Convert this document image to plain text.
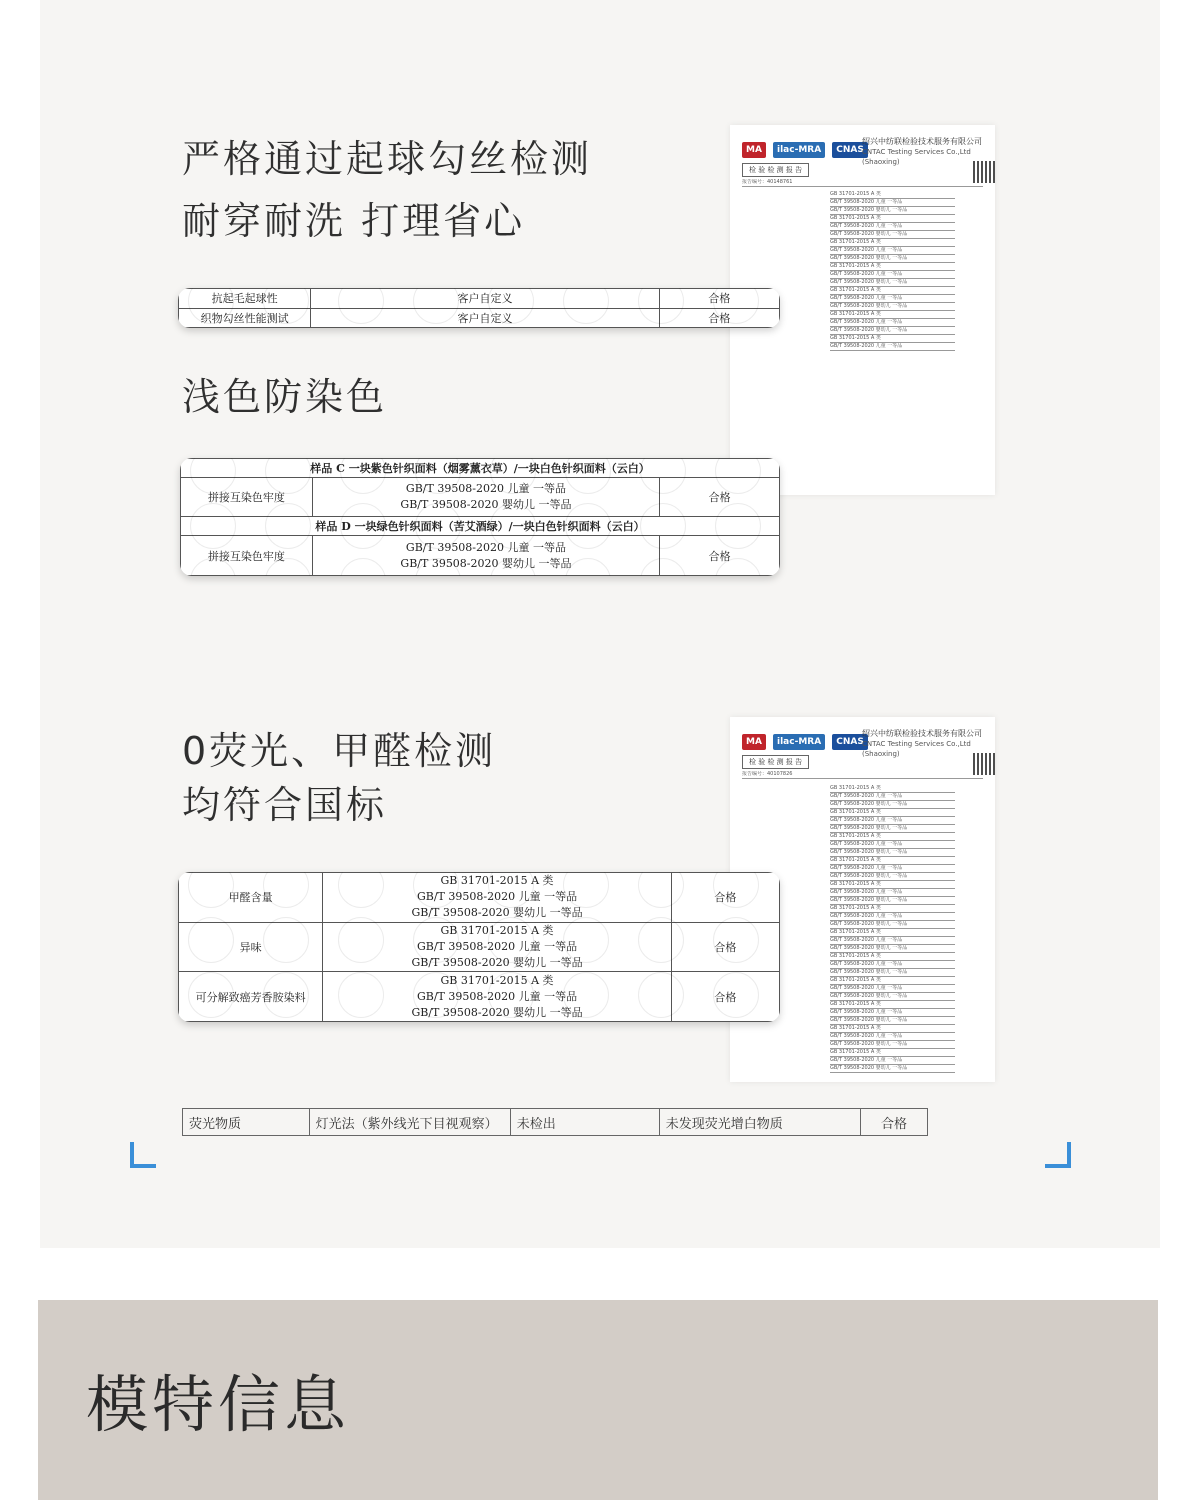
严格通过起球勾丝检测
耐穿耐洗 打理省心
MA ilac-MRA CNAS
绍兴中纺联检验技术服务有限公司
CNTAC Testing Services Co.,Ltd (Shaoxing)
检 验 检 测 报 告
报告编号：40148761
GB 31701-2015 A 类
GB/T 39508-2020 儿童 一等品
GB/T 39508-2020 婴幼儿 一等品
GB 31701-2015 A 类
GB/T 39508-2020 儿童 一等品
GB/T 39508-2020 婴幼儿 一等品
GB 31701-2015 A 类
GB/T 39508-2020 儿童 一等品
GB/T 39508-2020 婴幼儿 一等品
GB 31701-2015 A 类
GB/T 39508-2020 儿童 一等品
GB/T 39508-2020 婴幼儿 一等品
GB 31701-2015 A 类
GB/T 39508-2020 儿童 一等品
GB/T 39508-2020 婴幼儿 一等品
GB 31701-2015 A 类
GB/T 39508-2020 儿童 一等品
GB/T 39508-2020 婴幼儿 一等品
GB 31701-2015 A 类
GB/T 39508-2020 儿童 一等品
抗起毛起球性	客户自定义	合格
织物勾丝性能测试	客户自定义	合格
浅色防染色
样品 C 一块紫色针织面料（烟雾薰衣草）/一块白色针织面料（云白）		
拼接互染色牢度	GB/T 39508-2020 儿童 一等品
GB/T 39508-2020 婴幼儿 一等品	合格
样品 D 一块绿色针织面料（苦艾酒绿）/一块白色针织面料（云白）		
拼接互染色牢度	GB/T 39508-2020 儿童 一等品
GB/T 39508-2020 婴幼儿 一等品	合格
0荧光、甲醛检测
均符合国标
MA ilac-MRA CNAS
绍兴中纺联检验技术服务有限公司
CNTAC Testing Services Co.,Ltd (Shaoxing)
检 验 检 测 报 告
报告编号：40107826
GB 31701-2015 A 类
GB/T 39508-2020 儿童 一等品
GB/T 39508-2020 婴幼儿 一等品
GB 31701-2015 A 类
GB/T 39508-2020 儿童 一等品
GB/T 39508-2020 婴幼儿 一等品
GB 31701-2015 A 类
GB/T 39508-2020 儿童 一等品
GB/T 39508-2020 婴幼儿 一等品
GB 31701-2015 A 类
GB/T 39508-2020 儿童 一等品
GB/T 39508-2020 婴幼儿 一等品
GB 31701-2015 A 类
GB/T 39508-2020 儿童 一等品
GB/T 39508-2020 婴幼儿 一等品
GB 31701-2015 A 类
GB/T 39508-2020 儿童 一等品
GB/T 39508-2020 婴幼儿 一等品
GB 31701-2015 A 类
GB/T 39508-2020 儿童 一等品
GB/T 39508-2020 婴幼儿 一等品
GB 31701-2015 A 类
GB/T 39508-2020 儿童 一等品
GB/T 39508-2020 婴幼儿 一等品
GB 31701-2015 A 类
GB/T 39508-2020 儿童 一等品
GB/T 39508-2020 婴幼儿 一等品
GB 31701-2015 A 类
GB/T 39508-2020 儿童 一等品
GB/T 39508-2020 婴幼儿 一等品
GB 31701-2015 A 类
GB/T 39508-2020 儿童 一等品
GB/T 39508-2020 婴幼儿 一等品
GB 31701-2015 A 类
GB/T 39508-2020 儿童 一等品
GB/T 39508-2020 婴幼儿 一等品
甲醛含量	GB 31701-2015 A 类
GB/T 39508-2020 儿童 一等品
GB/T 39508-2020 婴幼儿 一等品	合格
异味	GB 31701-2015 A 类
GB/T 39508-2020 儿童 一等品
GB/T 39508-2020 婴幼儿 一等品	合格
可分解致癌芳香胺染料	GB 31701-2015 A 类
GB/T 39508-2020 儿童 一等品
GB/T 39508-2020 婴幼儿 一等品	合格
荧光物质	灯光法（紫外线光下目视观察）	未检出	未发现荧光增白物质	合格
模特信息
